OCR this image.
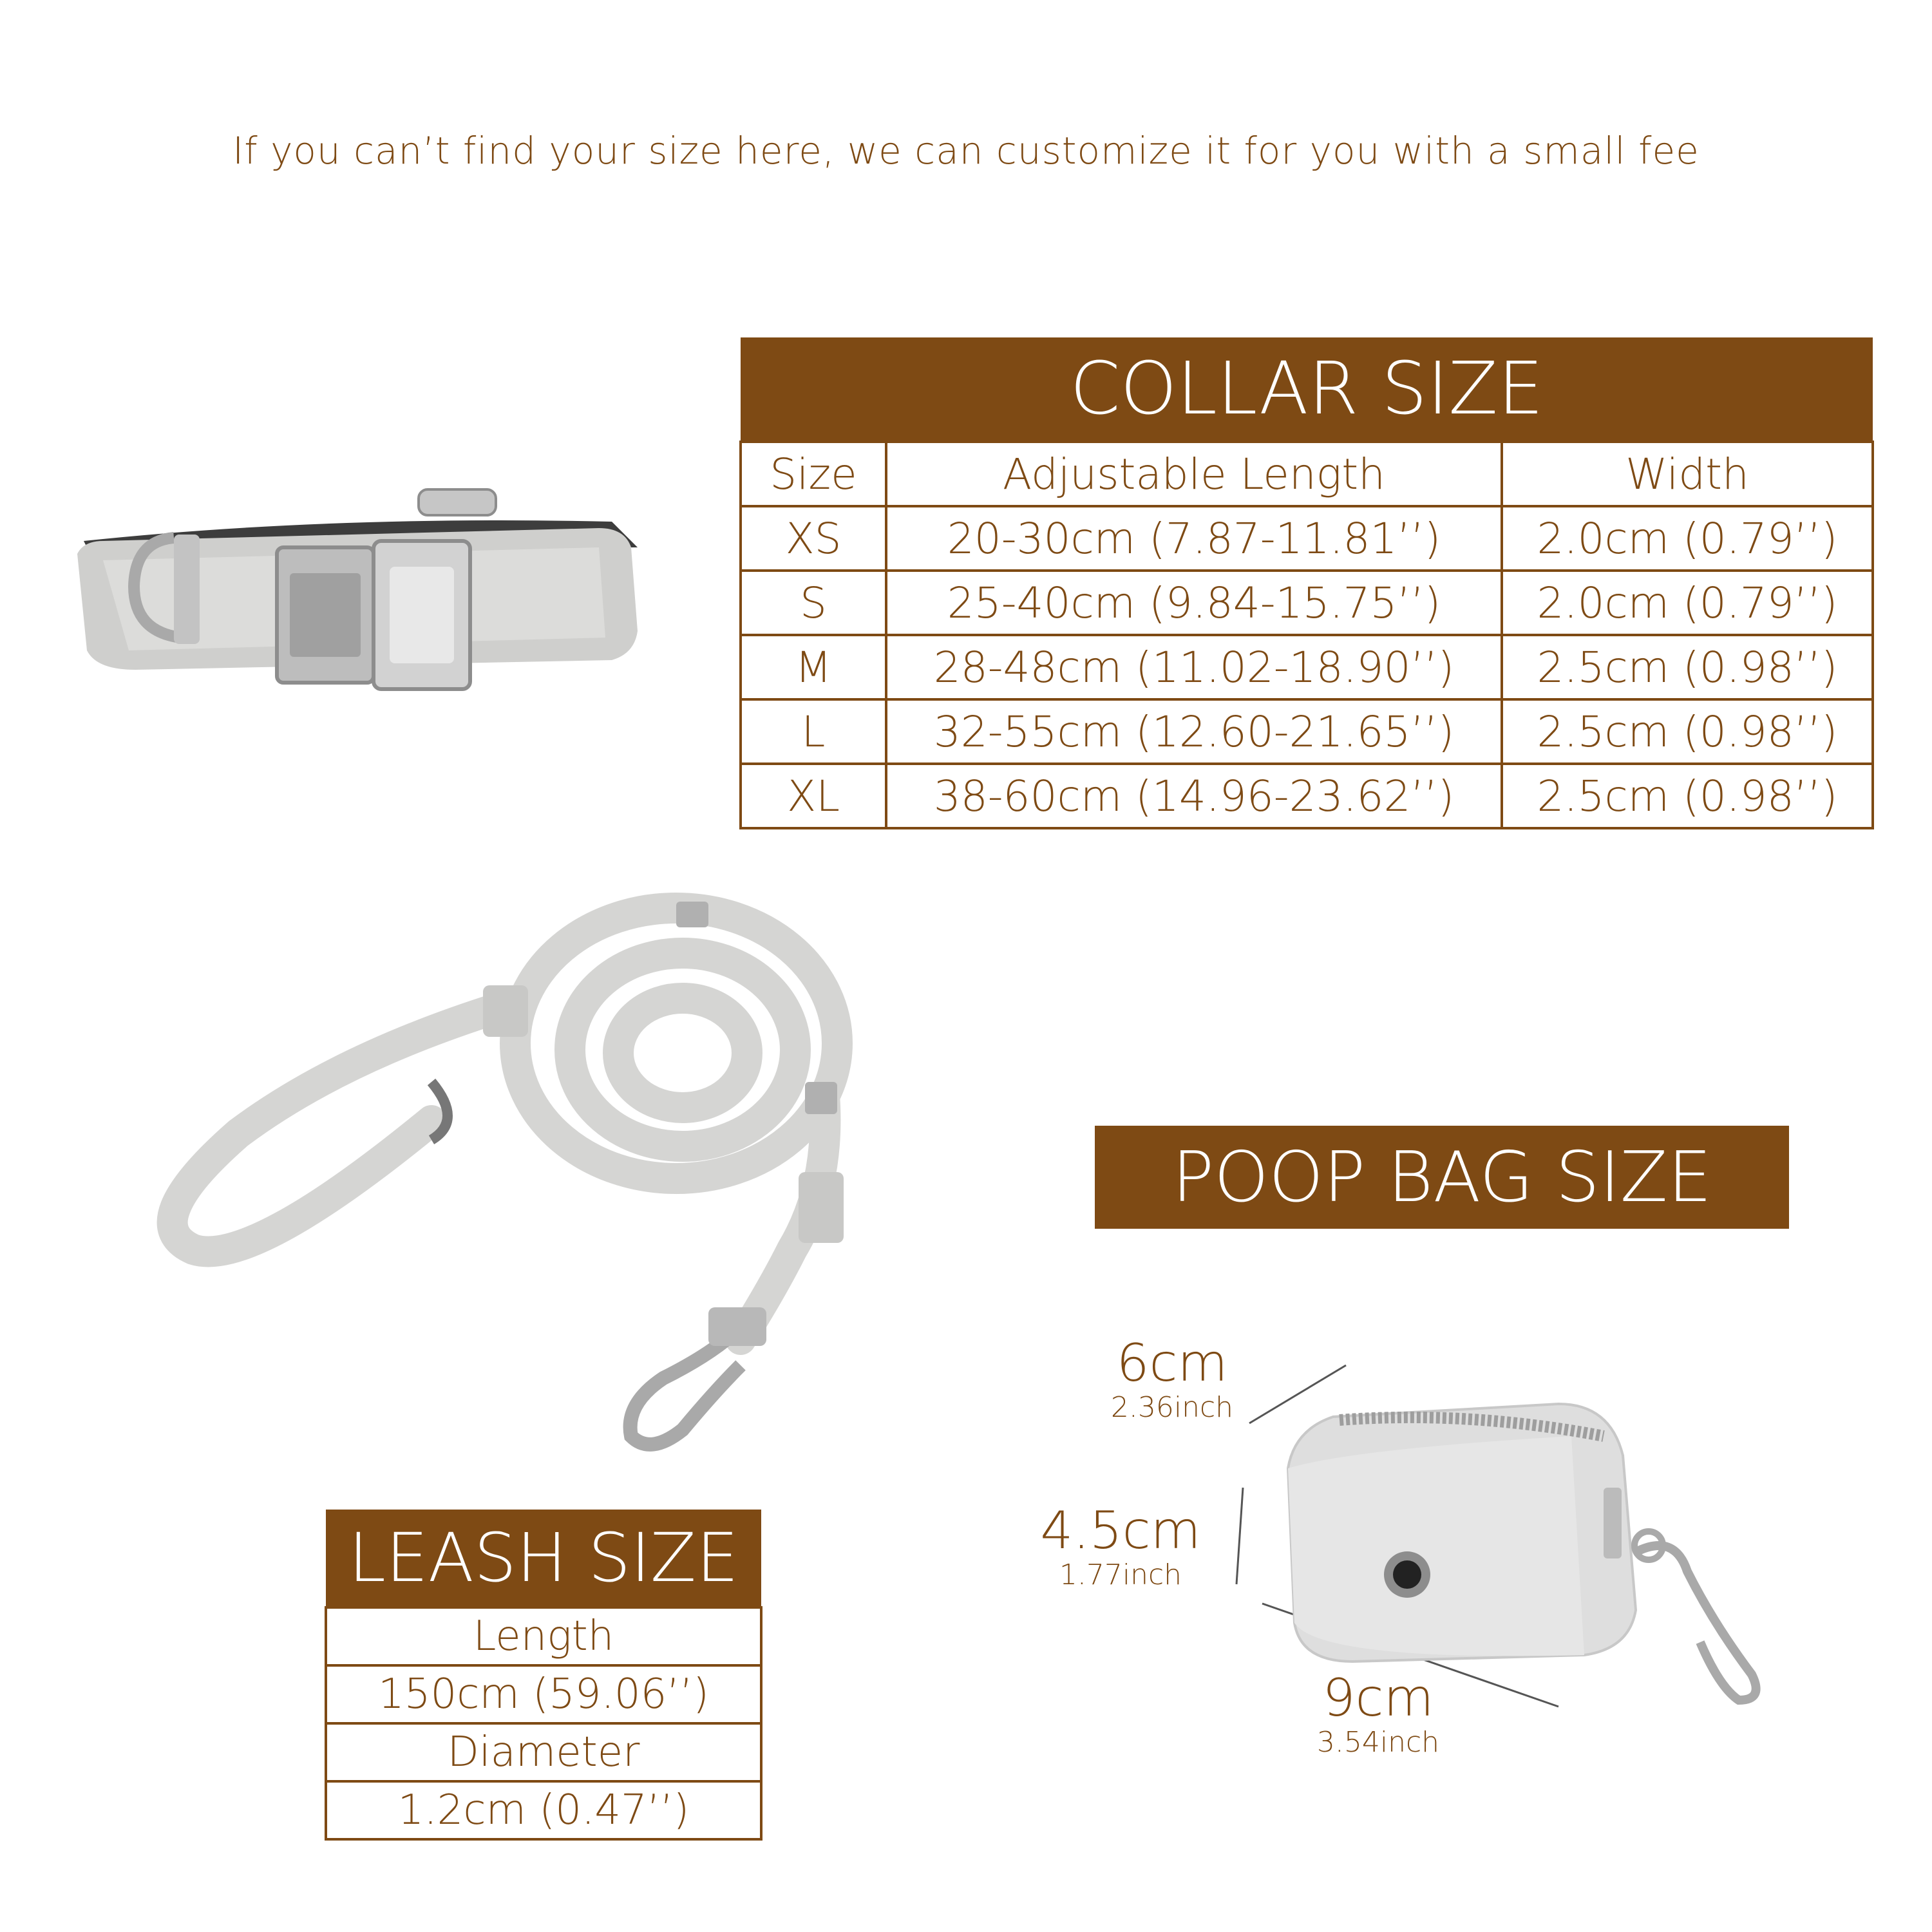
If you can’t find your size here, we can customize it for you with a small fee
COLLAR SIZE		
Size	Adjustable Length	Width
XS	20-30cm (7.87-11.81’’)	2.0cm (0.79’’)
S	25-40cm (9.84-15.75’’)	2.0cm (0.79’’)
M	28-48cm (11.02-18.90’’)	2.5cm (0.98’’)
L	32-55cm (12.60-21.65’’)	2.5cm (0.98’’)
XL	38-60cm (14.96-23.62’’)	2.5cm (0.98’’)
LEASH SIZE
Length
150cm (59.06’’)
Diameter
1.2cm (0.47’’)
POOP BAG SIZE
6cm
2.36inch
4.5cm
1.77inch
9cm
3.54inch
